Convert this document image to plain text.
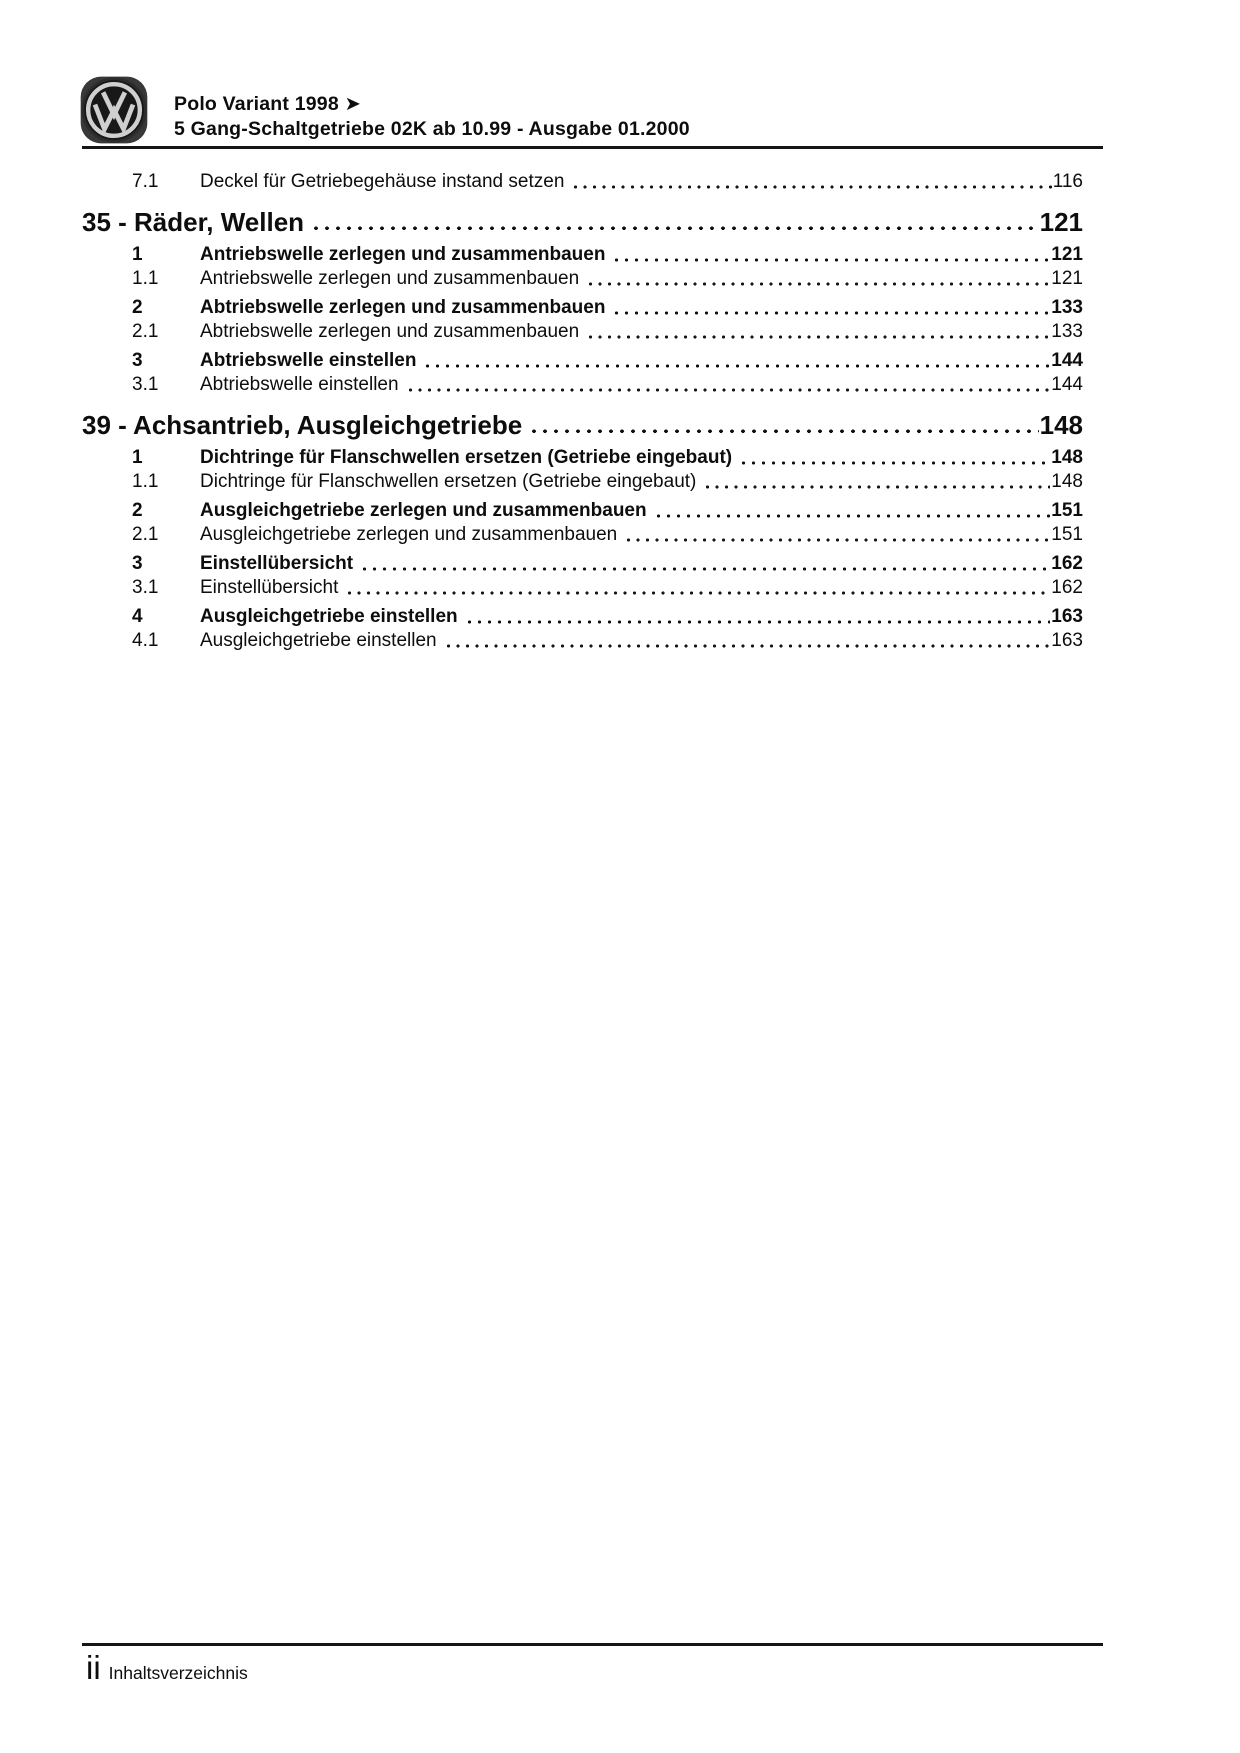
Polo Variant 1998 ➤
5 Gang-Schaltgetriebe 02K ab 10.99 - Ausgabe 01.2000
7.1	Deckel für Getriebegehäuse instand setzen	116
35 - Räder, Wellen	121
1	Antriebswelle zerlegen und zusammenbauen	121
1.1	Antriebswelle zerlegen und zusammenbauen	121
2	Abtriebswelle zerlegen und zusammenbauen	133
2.1	Abtriebswelle zerlegen und zusammenbauen	133
3	Abtriebswelle einstellen	144
3.1	Abtriebswelle einstellen	144
39 - Achsantrieb, Ausgleichgetriebe	148
1	Dichtringe für Flanschwellen ersetzen (Getriebe eingebaut)	148
1.1	Dichtringe für Flanschwellen ersetzen (Getriebe eingebaut)	148
2	Ausgleichgetriebe zerlegen und zusammenbauen	151
2.1	Ausgleichgetriebe zerlegen und zusammenbauen	151
3	Einstellübersicht	162
3.1	Einstellübersicht	162
4	Ausgleichgetriebe einstellen	163
4.1	Ausgleichgetriebe einstellen	163
ii Inhaltsverzeichnis
